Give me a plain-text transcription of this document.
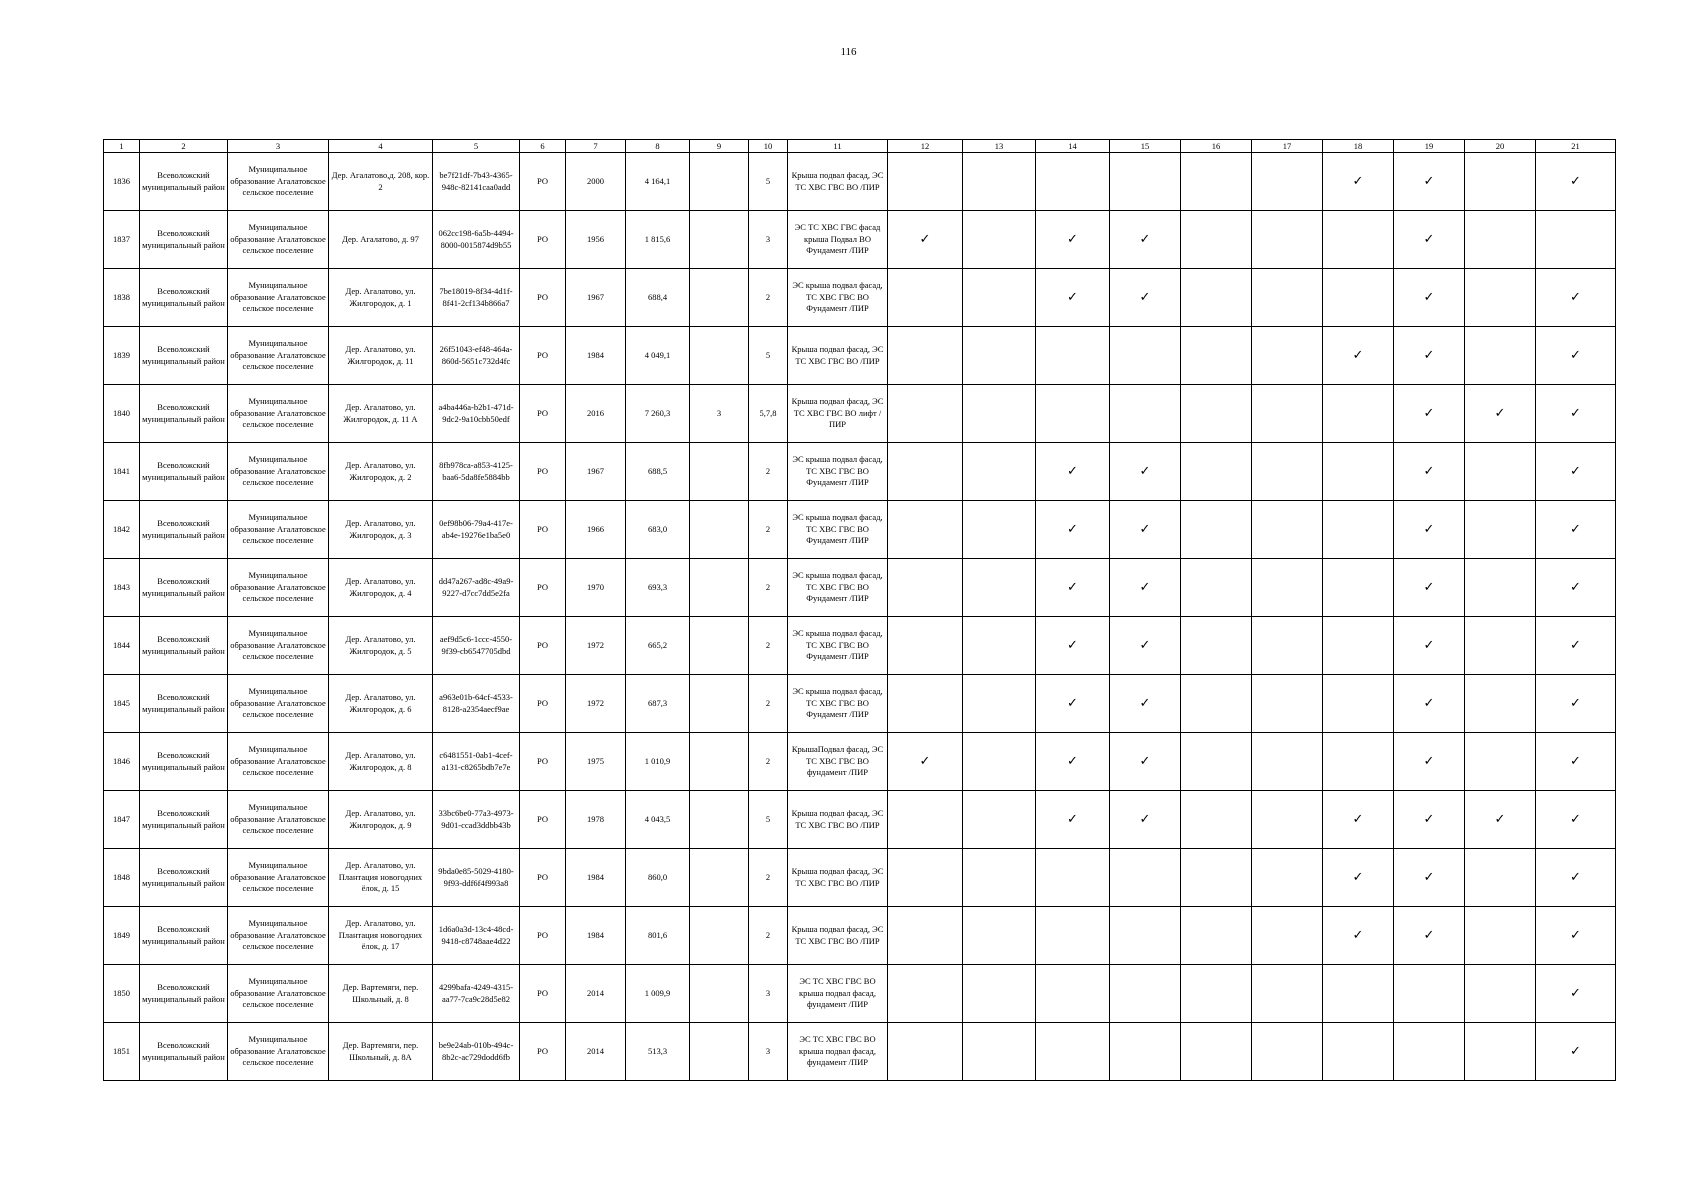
116
1	2	3	4	5	6	7	8	9	10	11	12	13	14	15	16	17	18	19	20	21
1836	Всеволожский муниципальный район	Муниципальное образование Агалатовское сельское поселение	Дер. Агалатово,д. 208, кор. 2	be7f21df-7b43-4365-948c-82141caa0add	РО	2000	4 164,1		5	Крыша подвал фасад, ЭС ТС ХВС ГВС ВО /ПИР							✓	✓		✓
1837	Всеволожский муниципальный район	Муниципальное образование Агалатовское сельское поселение	Дер. Агалатово, д. 97	062cc198-6a5b-4494-8000-0015874d9b55	РО	1956	1 815,6		3	ЭС ТС ХВС ГВС фасад крыша Подвал ВО Фундамент /ПИР	✓		✓	✓				✓		
1838	Всеволожский муниципальный район	Муниципальное образование Агалатовское сельское поселение	Дер. Агалатово, ул. Жилгородок, д. 1	7be18019-8f34-4d1f-8f41-2cf134b866a7	РО	1967	688,4		2	ЭС крыша подвал фасад, ТС ХВС ГВС ВО Фундамент /ПИР			✓	✓				✓		✓
1839	Всеволожский муниципальный район	Муниципальное образование Агалатовское сельское поселение	Дер. Агалатово, ул. Жилгородок, д. 11	26f51043-ef48-464a-860d-5651c732d4fc	РО	1984	4 049,1		5	Крыша подвал фасад, ЭС ТС ХВС ГВС ВО /ПИР							✓	✓		✓
1840	Всеволожский муниципальный район	Муниципальное образование Агалатовское сельское поселение	Дер. Агалатово, ул. Жилгородок, д. 11 А	a4ba446a-b2b1-471d-9dc2-9a10cbb50edf	РО	2016	7 260,3	3	5,7,8	Крыша подвал фасад, ЭС ТС ХВС ГВС ВО лифт /ПИР								✓	✓	✓
1841	Всеволожский муниципальный район	Муниципальное образование Агалатовское сельское поселение	Дер. Агалатово, ул. Жилгородок, д. 2	8fb978ca-a853-4125-baa6-5da8fe5884bb	РО	1967	688,5		2	ЭС крыша подвал фасад, ТС ХВС ГВС ВО Фундамент /ПИР			✓	✓				✓		✓
1842	Всеволожский муниципальный район	Муниципальное образование Агалатовское сельское поселение	Дер. Агалатово, ул. Жилгородок, д. 3	0ef98b06-79a4-417e-ab4e-19276e1ba5e0	РО	1966	683,0		2	ЭС крыша подвал фасад, ТС ХВС ГВС ВО Фундамент /ПИР			✓	✓				✓		✓
1843	Всеволожский муниципальный район	Муниципальное образование Агалатовское сельское поселение	Дер. Агалатово, ул. Жилгородок, д. 4	dd47a267-ad8c-49a9-9227-d7cc7dd5e2fa	РО	1970	693,3		2	ЭС крыша подвал фасад, ТС ХВС ГВС ВО Фундамент /ПИР			✓	✓				✓		✓
1844	Всеволожский муниципальный район	Муниципальное образование Агалатовское сельское поселение	Дер. Агалатово, ул. Жилгородок, д. 5	aef9d5c6-1ccc-4550-9f39-cb6547705dbd	РО	1972	665,2		2	ЭС крыша подвал фасад, ТС ХВС ГВС ВО Фундамент /ПИР			✓	✓				✓		✓
1845	Всеволожский муниципальный район	Муниципальное образование Агалатовское сельское поселение	Дер. Агалатово, ул. Жилгородок, д. 6	a963e01b-64cf-4533-8128-a2354aecf9ae	РО	1972	687,3		2	ЭС крыша подвал фасад, ТС ХВС ГВС ВО Фундамент /ПИР			✓	✓				✓		✓
1846	Всеволожский муниципальный район	Муниципальное образование Агалатовское сельское поселение	Дер. Агалатово, ул. Жилгородок, д. 8	c6481551-0ab1-4cef-a131-c8265bdb7e7e	РО	1975	1 010,9		2	КрышаПодвал фасад, ЭС ТС ХВС ГВС ВО фундамент /ПИР	✓		✓	✓				✓		✓
1847	Всеволожский муниципальный район	Муниципальное образование Агалатовское сельское поселение	Дер. Агалатово, ул. Жилгородок, д. 9	33bc6be0-77a3-4973-9d01-ccad3ddbb43b	РО	1978	4 043,5		5	Крыша подвал фасад, ЭС ТС ХВС ГВС ВО /ПИР			✓	✓			✓	✓	✓	✓
1848	Всеволожский муниципальный район	Муниципальное образование Агалатовское сельское поселение	Дер. Агалатово, ул. Плантация новогодних ёлок, д. 15	9bda0e85-5029-4180-9f93-ddf6f4f993a8	РО	1984	860,0		2	Крыша подвал фасад, ЭС ТС ХВС ГВС ВО /ПИР							✓	✓		✓
1849	Всеволожский муниципальный район	Муниципальное образование Агалатовское сельское поселение	Дер. Агалатово, ул. Плантация новогодних ёлок, д. 17	1d6a0a3d-13c4-48cd-9418-c8748aae4d22	РО	1984	801,6		2	Крыша подвал фасад, ЭС ТС ХВС ГВС ВО /ПИР							✓	✓		✓
1850	Всеволожский муниципальный район	Муниципальное образование Агалатовское сельское поселение	Дер. Вартемяги, пер. Школьный, д. 8	4299bafa-4249-4315-aa77-7ca9c28d5e82	РО	2014	1 009,9		3	ЭС ТС ХВС ГВС ВО крыша подвал фасад, фундамент /ПИР										✓
1851	Всеволожский муниципальный район	Муниципальное образование Агалатовское сельское поселение	Дер. Вартемяги, пер. Школьный, д. 8А	be9e24ab-010b-494c-8b2c-ac729dodd6fb	РО	2014	513,3		3	ЭС ТС ХВС ГВС ВО крыша подвал фасад, фундамент /ПИР										✓
